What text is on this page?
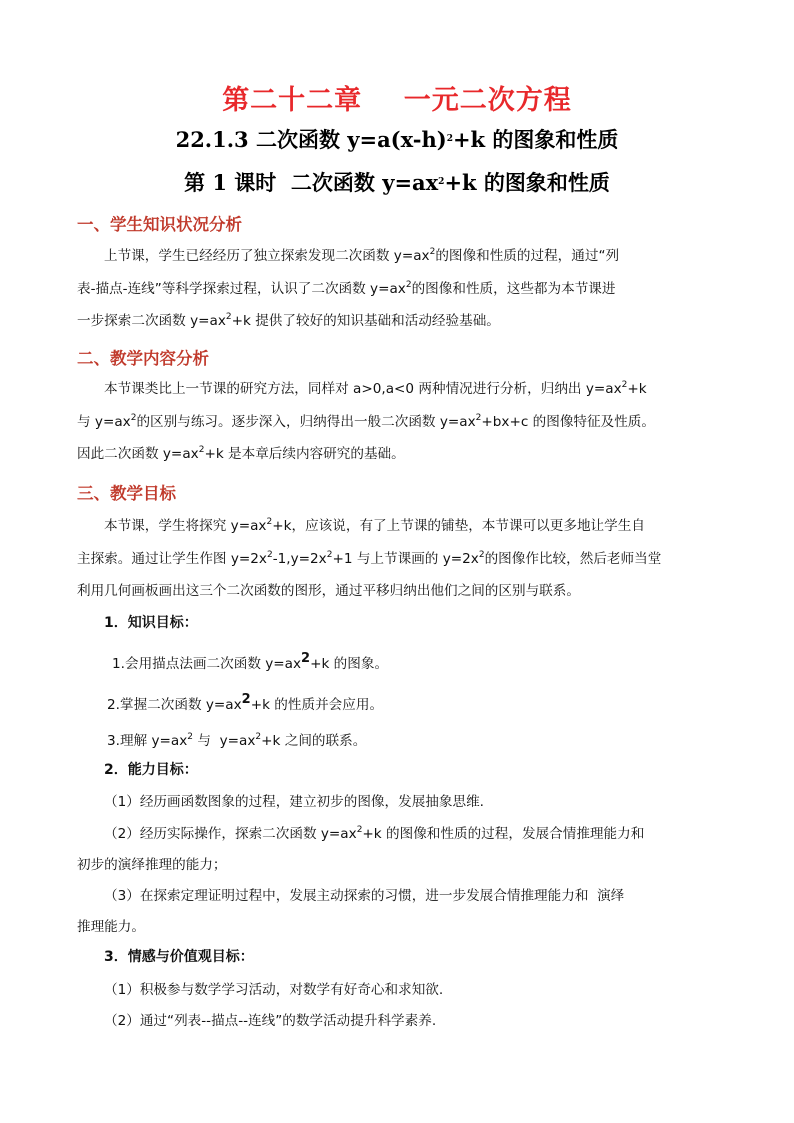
第二十二章    一元二次方程
22.1.3 二次函数 $y=a(x-h)^2+k$ 的图象和性质
第 1 课时  二次函数 $y=ax^2+k$ 的图象和性质
一、学生知识状况分析
上节课，学生已经经历了独立探索发现二次函数 $y=ax^2$的图像和性质的过程，通过“列
表-描点-连线”等科学探索过程，认识了二次函数 $y=ax^2$的图像和性质，这些都为本节课进
一步探索二次函数 $y=ax^2+k$ 提供了较好的知识基础和活动经验基础。
二、教学内容分析
本节课类比上一节课的研究方法，同样对 a>0,a<0 两种情况进行分析，归纳出 $y=ax^2+k$
与 $y=ax^2$的区别与练习。逐步深入，归纳得出一般二次函数 $y=ax^2+bx+c$ 的图像特征及性质。
因此二次函数 $y=ax^2+k$ 是本章后续内容研究的基础。
三、教学目标
本节课，学生将探究 $y=ax^2+k$，应该说，有了上节课的铺垫，本节课可以更多地让学生自
主探索。通过让学生作图 $y=2x^2-1,y=2x^2+1$ 与上节课画的 $y=2x^2$的图像作比较，然后老师当堂
利用几何画板画出这三个二次函数的图形，通过平移归纳出他们之间的区别与联系。
1．知识目标：
1.会用描点法画二次函数 $y=ax^2+k$ 的图象。
2.掌握二次函数 $y=ax^2+k$ 的性质并会应用。
3.理解 $y=ax^2$ 与  $y=ax^2+k$ 之间的联系。
2．能力目标：
（1）经历画函数图象的过程，建立初步的图像，发展抽象思维.
（2）经历实际操作，探索二次函数 $y=ax^2+k$ 的图像和性质的过程，发展合情推理能力和
初步的演绎推理的能力；
（3）在探索定理证明过程中，发展主动探索的习惯，进一步发展合情推理能力和  演绎
推理能力。
3．情感与价值观目标：
（1）积极参与数学学习活动，对数学有好奇心和求知欲.
（2）通过“列表--描点--连线”的数学活动提升科学素养.
